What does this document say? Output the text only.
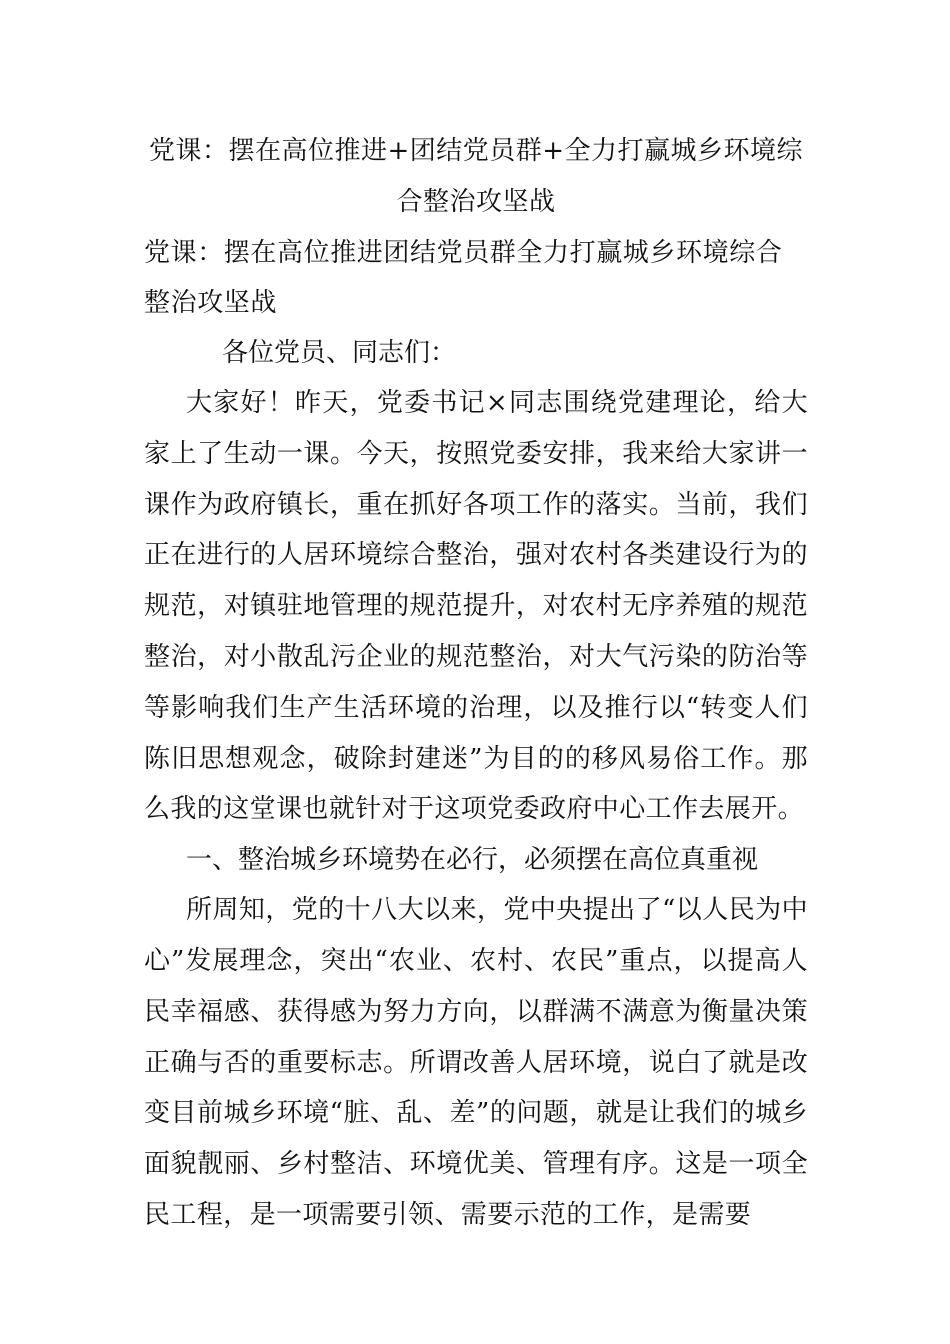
党课：摆在高位推进+团结党员群+全力打赢城乡环境综合整治攻坚战

党课：摆在高位推进团结党员群全力打赢城乡环境综合整治攻坚战

各位党员、同志们：

大家好！昨天，党委书记×同志围绕党建理论，给大家上了生动一课。今天，按照党委安排，我来给大家讲一课作为政府镇长，重在抓好各项工作的落实。当前，我们正在进行的人居环境综合整治，强对农村各类建设行为的规范，对镇驻地管理的规范提升，对农村无序养殖的规范整治，对小散乱污企业的规范整治，对大气污染的防治等等影响我们生产生活环境的治理，以及推行以“转变人们陈旧思想观念，破除封建迷”为目的的移风易俗工作。那么我的这堂课也就针对于这项党委政府中心工作去展开。

一、整治城乡环境势在必行，必须摆在高位真重视

所周知，党的十八大以来，党中央提出了“以人民为中心”发展理念，突出“农业、农村、农民”重点，以提高人民幸福感、获得感为努力方向，以群满不满意为衡量决策正确与否的重要标志。所谓改善人居环境，说白了就是改变目前城乡环境“脏、乱、差”的问题，就是让我们的城乡面貌靓丽、乡村整洁、环境优美、管理有序。这是一项全民工程，是一项需要引领、需要示范的工作，是需要
